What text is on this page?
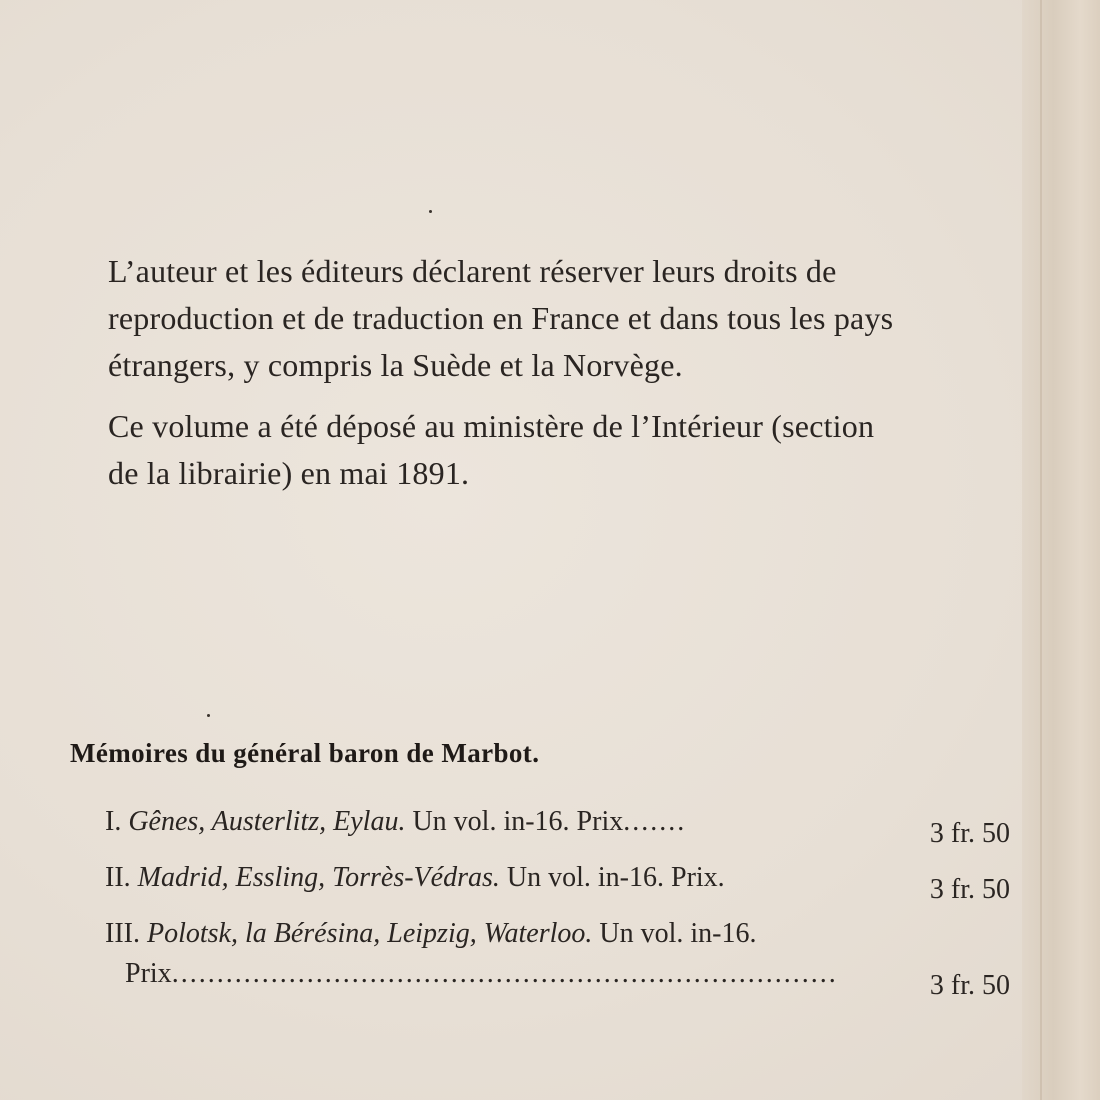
L’auteur et les éditeurs déclarent réserver leurs droits de
reproduction et de traduction en France et dans tous les pays
étrangers, y compris la Suède et la Norvège.

Ce volume a été déposé au ministère de l’Intérieur (section
de la librairie) en mai 1891.

Mémoires du général baron de Marbot.
I. Gênes, Austerlitz, Eylau. Un vol. in-16. Prix.......	3 fr. 50
II. Madrid, Essling, Torrès-Védras. Un vol. in-16. Prix.	3 fr. 50
III. Polotsk, la Bérésina, Leipzig, Waterloo. Un vol. in-16.
Prix..........................................................................	3 fr. 50
